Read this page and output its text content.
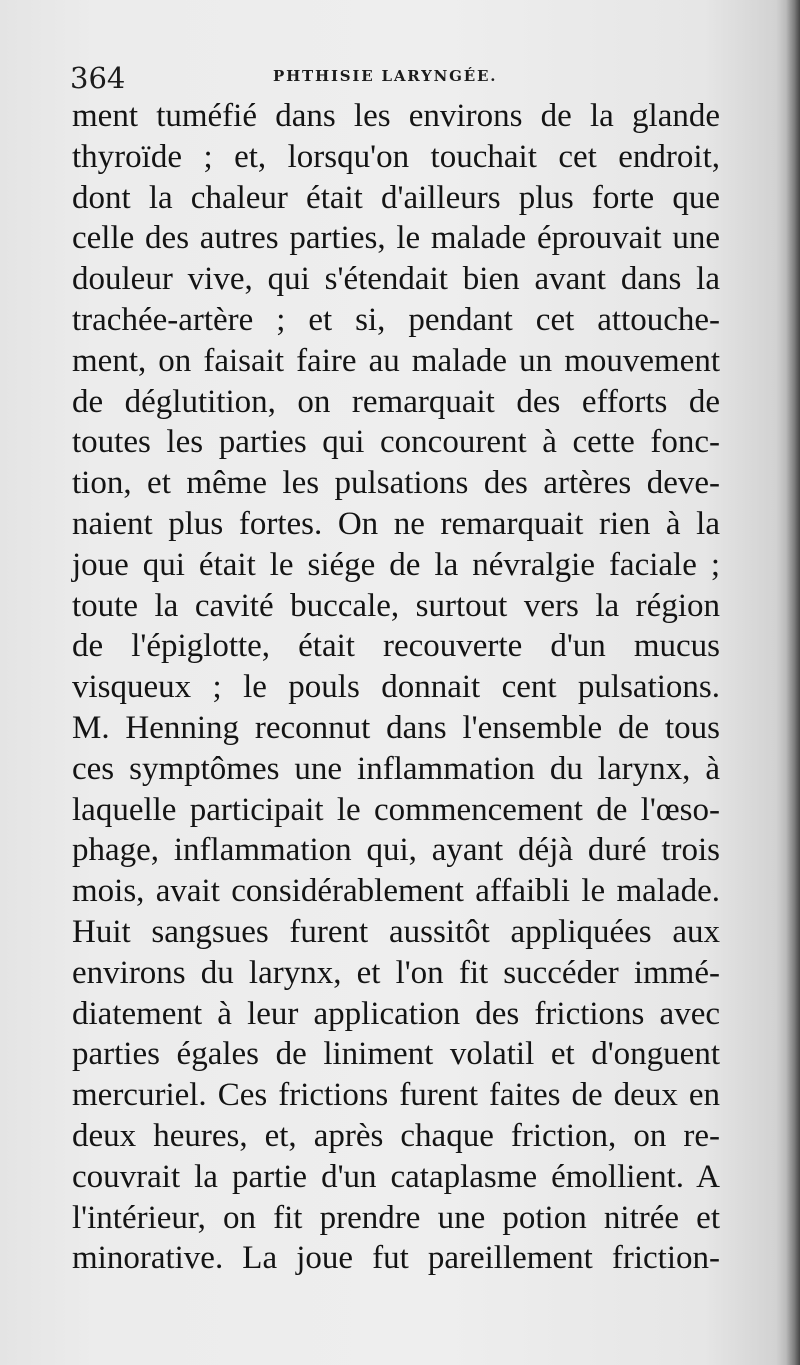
364	PHTHISIE LARYNGÉE.
ment tuméfié dans les environs de la glande
thyroïde ; et, lorsqu'on touchait cet endroit,
dont la chaleur était d'ailleurs plus forte que
celle des autres parties, le malade éprouvait une
douleur vive, qui s'étendait bien avant dans la
trachée-artère ; et si, pendant cet attouche-
ment, on faisait faire au malade un mouvement
de déglutition, on remarquait des efforts de
toutes les parties qui concourent à cette fonc-
tion, et même les pulsations des artères deve-
naient plus fortes. On ne remarquait rien à la
joue qui était le siége de la névralgie faciale ;
toute la cavité buccale, surtout vers la région
de l'épiglotte, était recouverte d'un mucus
visqueux ; le pouls donnait cent pulsations.
M. Henning reconnut dans l'ensemble de tous
ces symptômes une inflammation du larynx, à
laquelle participait le commencement de l'œso-
phage, inflammation qui, ayant déjà duré trois
mois, avait considérablement affaibli le malade.
Huit sangsues furent aussitôt appliquées aux
environs du larynx, et l'on fit succéder immé-
diatement à leur application des frictions avec
parties égales de liniment volatil et d'onguent
mercuriel. Ces frictions furent faites de deux en
deux heures, et, après chaque friction, on re-
couvrait la partie d'un cataplasme émollient. A
l'intérieur, on fit prendre une potion nitrée et
minorative. La joue fut pareillement friction-
